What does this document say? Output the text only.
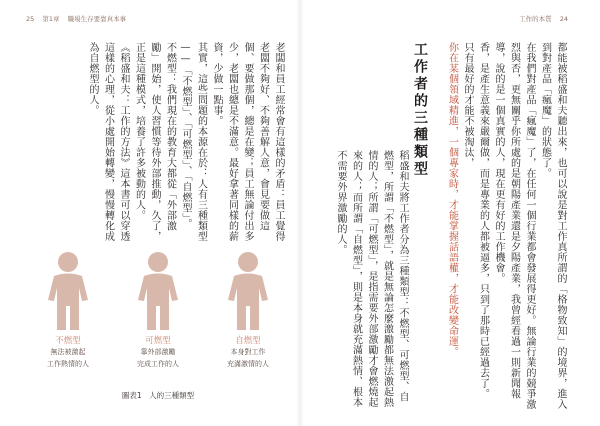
25 第1章 職場生存要靠真本事

老闆和員工經常會有這樣的矛盾：員工覺得老闆不夠好、不夠善解人意，會見要做這個、要做那個，總是在變；員工無論付出多少，老闆也總是不滿意。最好拿著同樣的薪資，少做一點事。

其實，這些問題的本源在於：人有三種類型——「不燃型」、「可燃型」、「自燃型」。

不燃型：我們現在的教育大都從「外部激勵」開始，使人習慣等待外部推動，久了，正是這種模式，培養了許多被動的人。

《稻盛和夫：工作的方法》這本書可以穿透這樣的心理，從小處開始轉變，慢慢轉化成為自燃型的人。

不燃型
無法被激起
工作熱情的人
可燃型
靠外部激勵
完成工作的人
自燃型
本身對工作
充滿激情的人
圖表1　人的三種類型
工作的本質 24

都能被稻盛和夫聽出來，也可以說是對工作真所謂的「格物致知」的境界，進入到對產品「瘋魔」的狀態了。

在我們對產品「瘋魔」了，在任何一個行業都會發展得更好。無論行業的競爭激烈與否，更無關乎你所處的是朝陽產業還是夕陽產業，我曾經看過一則新聞報導，說的是一個真實的人，現在更有好的工作機會。

香，是產生意義來嚴爾做，而是專業的人都被逼多，只到了那時已經過去了。

只有最好的才能不被淘汰，

你在某個領域精進，一個專家時，才能掌握話語權，才能改變命運。

工作者的三種類型

稻盛和夫將工作者分為三種類型：不燃型、可燃型、自燃型，所謂「不燃型」，就是無論怎麼激勵都無法激起熱情的人；所謂「可燃型」，是指需要外部激勵才會燃燒起來的人；而所謂「自燃型」，則是本身就充滿熱情、根本不需要外界激勵的人。
